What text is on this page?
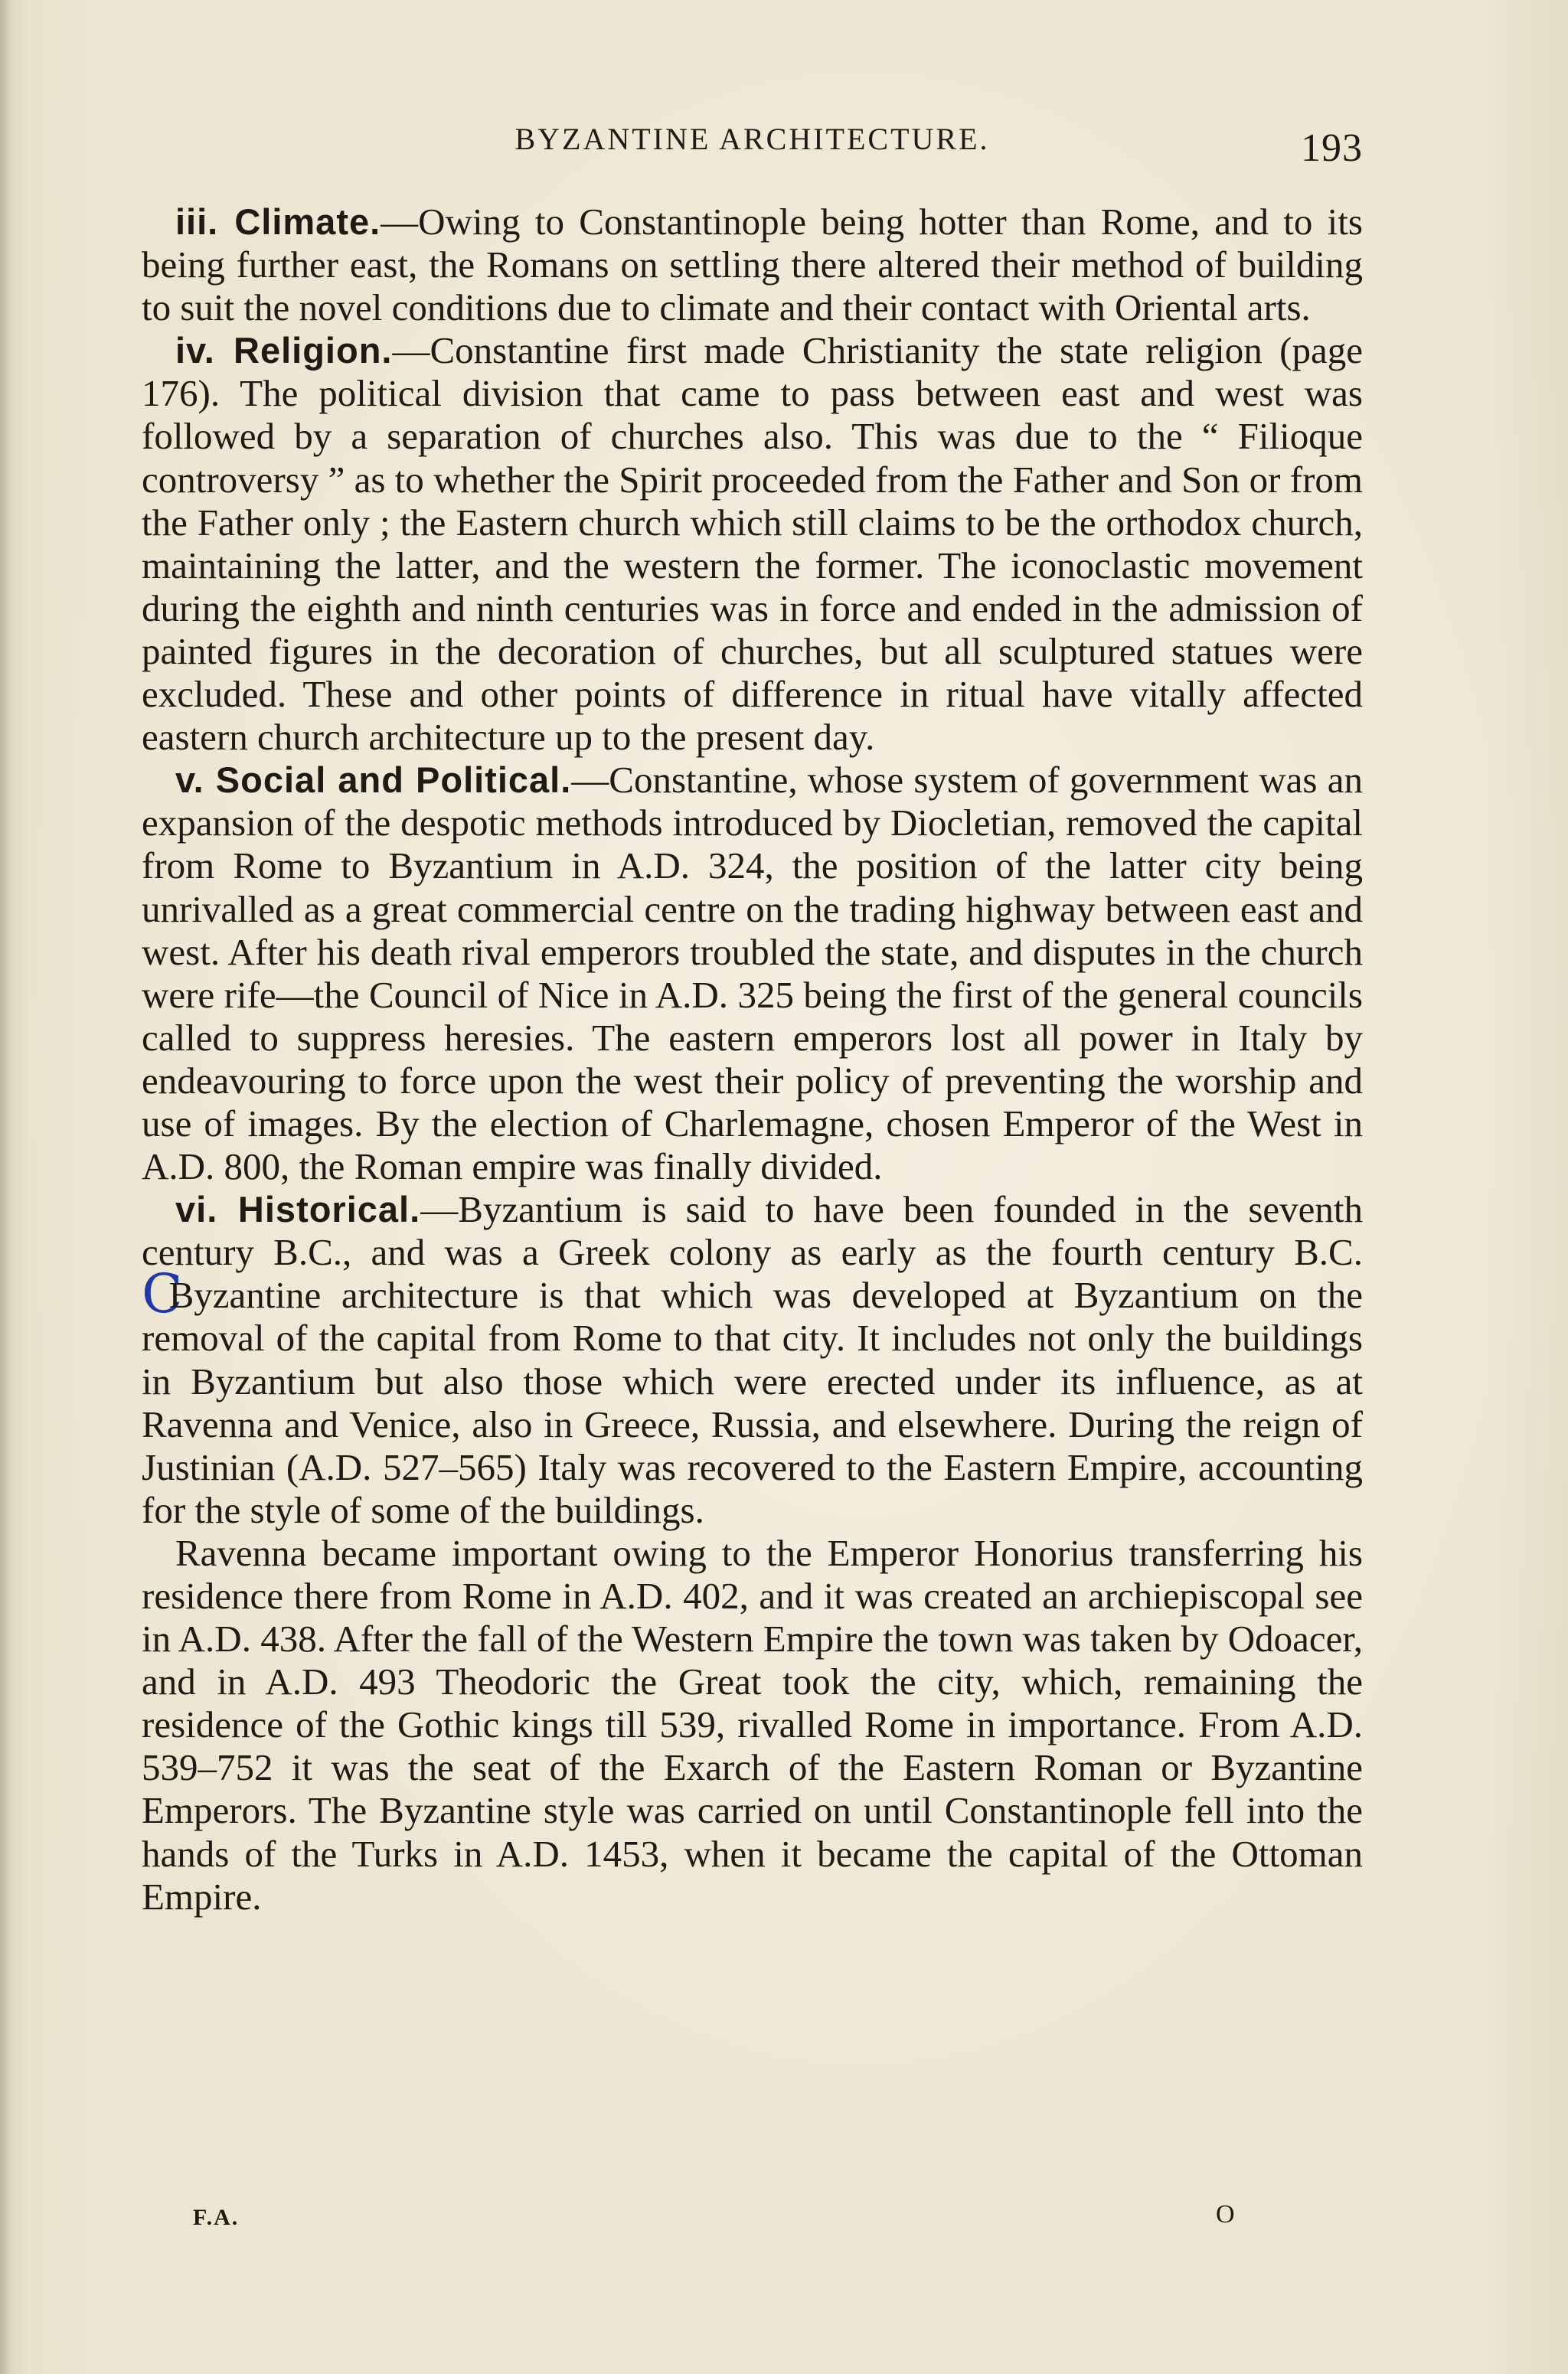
BYZANTINE ARCHITECTURE.	193

iii. Climate.—Owing to Constantinople being hotter than Rome, and to its being further east, the Romans on settling there altered their method of building to suit the novel conditions due to climate and their contact with Oriental arts.

iv. Religion.—Constantine first made Christianity the state religion (page 176). The political division that came to pass between east and west was followed by a separation of churches also. This was due to the “ Filioque controversy ” as to whether the Spirit proceeded from the Father and Son or from the Father only ; the Eastern church which still claims to be the orthodox church, maintaining the latter, and the western the former. The iconoclastic movement during the eighth and ninth centuries was in force and ended in the admission of painted figures in the decoration of churches, but all sculptured statues were excluded. These and other points of difference in ritual have vitally affected eastern church architecture up to the present day.

v. Social and Political.—Constantine, whose system of government was an expansion of the despotic methods introduced by Diocletian, removed the capital from Rome to Byzantium in A.D. 324, the position of the latter city being unrivalled as a great commercial centre on the trading highway between east and west. After his death rival emperors troubled the state, and disputes in the church were rife—the Council of Nice in A.D. 325 being the first of the general councils called to suppress heresies. The eastern emperors lost all power in Italy by endeavouring to force upon the west their policy of preventing the worship and use of images. By the election of Charlemagne, chosen Emperor of the West in A.D. 800, the Roman empire was finally divided.

vi. Historical.—Byzantium is said to have been founded in the seventh century B.C., and was a Greek colony as early as the fourth century B.C. CByzantine architecture is that which was developed at Byzantium on the removal of the capital from Rome to that city. It includes not only the buildings in Byzantium but also those which were erected under its influence, as at Ravenna and Venice, also in Greece, Russia, and elsewhere. During the reign of Justinian (A.D. 527–565) Italy was recovered to the Eastern Empire, accounting for the style of some of the buildings.

Ravenna became important owing to the Emperor Honorius transferring his residence there from Rome in A.D. 402, and it was created an archiepiscopal see in A.D. 438. After the fall of the Western Empire the town was taken by Odoacer, and in A.D. 493 Theodoric the Great took the city, which, remaining the residence of the Gothic kings till 539, rivalled Rome in importance. From A.D. 539–752 it was the seat of the Exarch of the Eastern Roman or Byzantine Emperors. The Byzantine style was carried on until Constantinople fell into the hands of the Turks in A.D. 1453, when it became the capital of the Ottoman Empire.

F.A.	O
